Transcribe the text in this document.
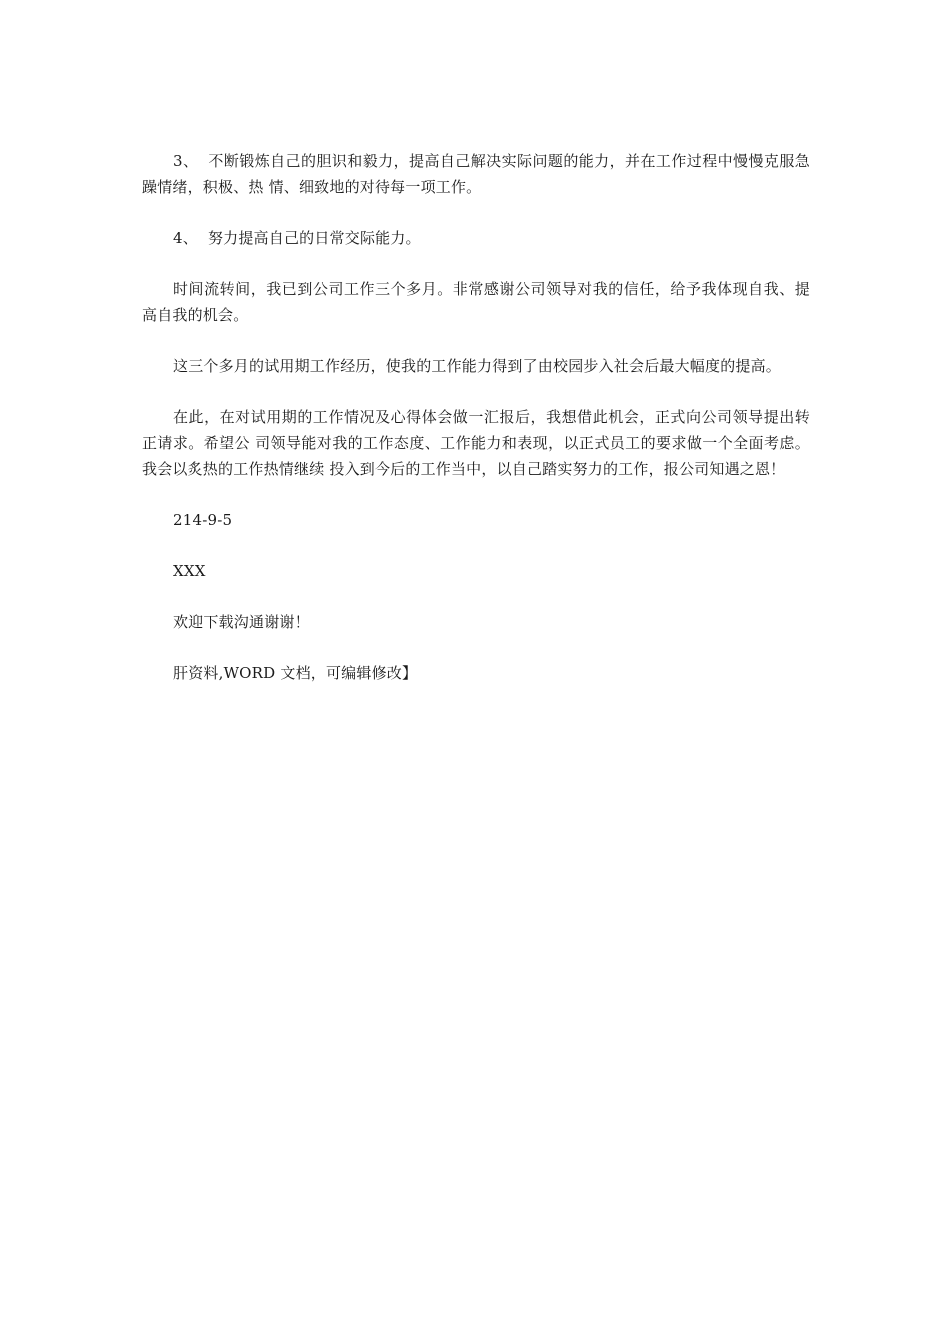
3、 不断锻炼自己的胆识和毅力，提高自己解决实际问题的能力，并在工作过程中慢慢克服急躁情绪，积极、热 情、细致地的对待每一项工作。

4、 努力提高自己的日常交际能力。

时间流转间，我已到公司工作三个多月。非常感谢公司领导对我的信任，给予我体现自我、提高自我的机会。

这三个多月的试用期工作经历，使我的工作能力得到了由校园步入社会后最大幅度的提高。

在此，在对试用期的工作情况及心得体会做一汇报后，我想借此机会，正式向公司领导提出转正请求。希望公 司领导能对我的工作态度、工作能力和表现，以正式员工的要求做一个全面考虑。我会以炙热的工作热情继续 投入到今后的工作当中，以自己踏实努力的工作，报公司知遇之恩！

214-9-5

XXX

欢迎下载沟通谢谢！

肝资料,WORD 文档，可编辑修改】
